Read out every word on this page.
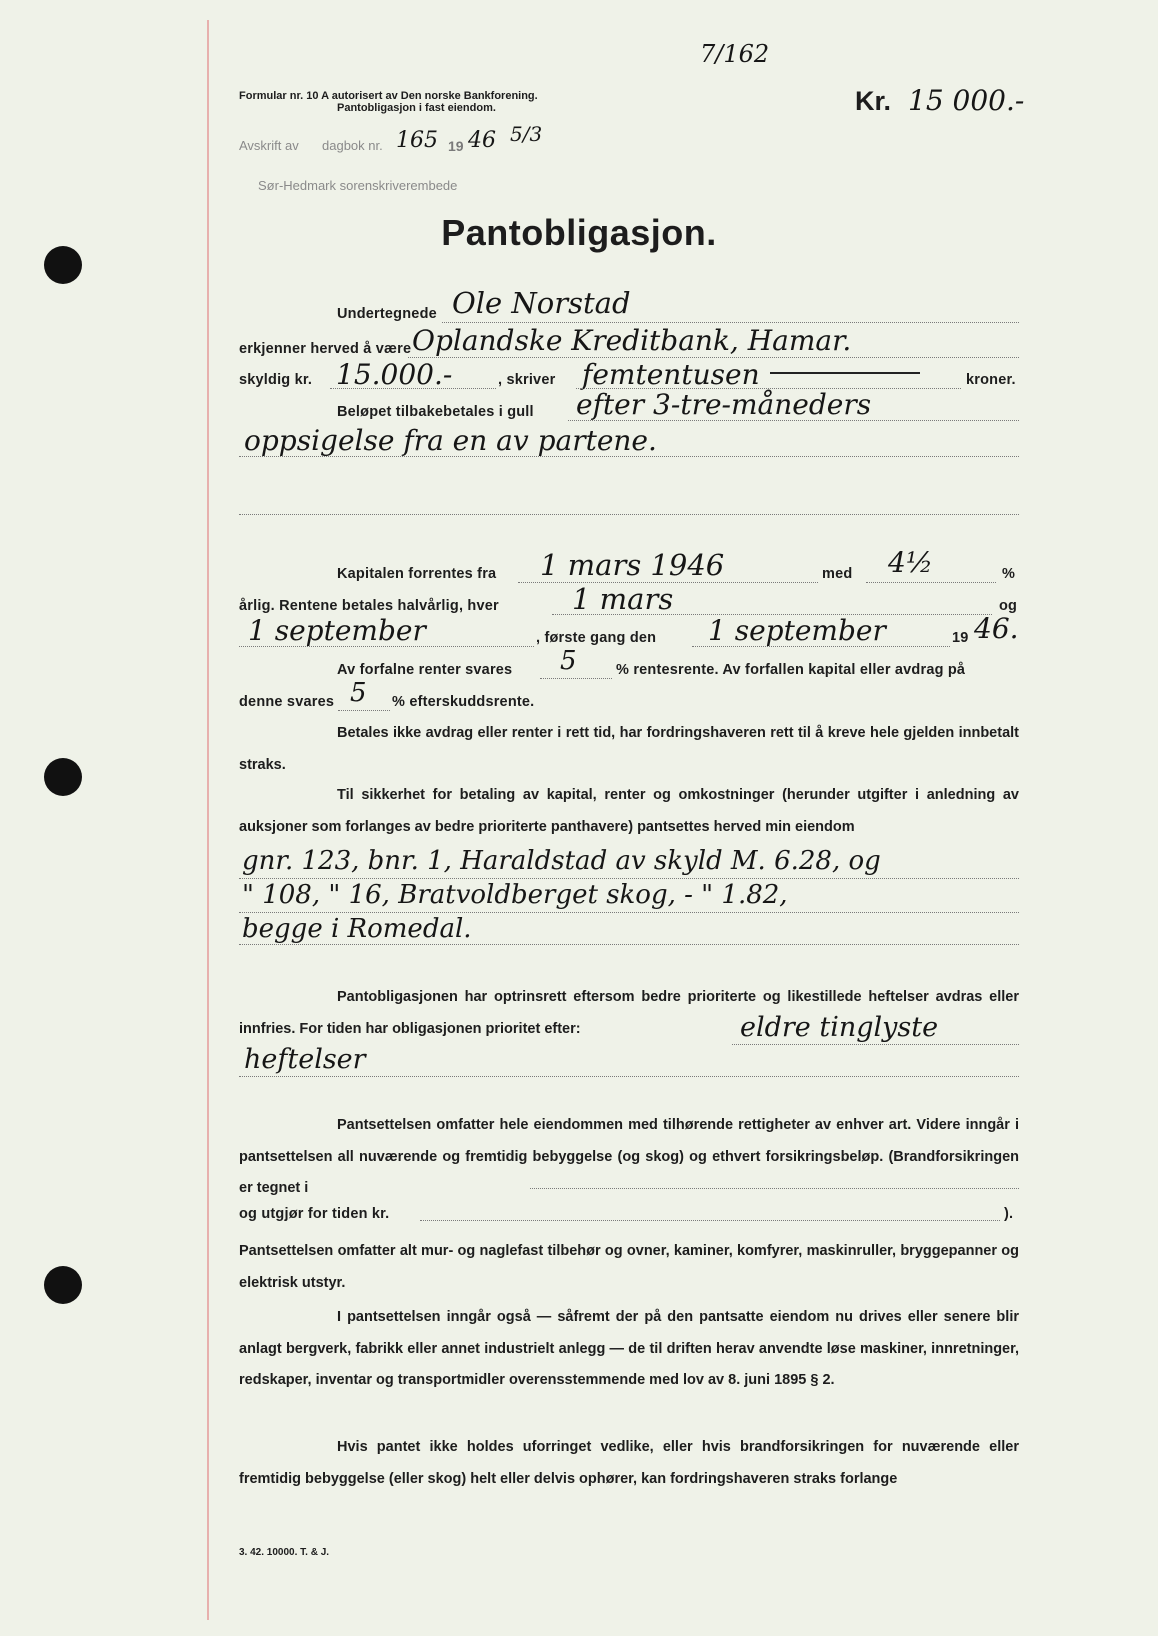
Formular nr. 10 A autorisert av Den norske Bankforening.
Pantobligasjon i fast eiendom.
7/162
Kr. 15 000.-
Avskrift av dagbok nr. 165 19 46 5/3
Sør-Hedmark sorenskriverembede
Pantobligasjon.
Undertegnede Ole Norstad
erkjenner herved å være Oplandske Kreditbank, Hamar.
skyldig kr. 15.000.-	, skriver femtentusen	kroner.
Beløpet tilbakebetales i gull efter 3-tre-måneders
oppsigelse fra en av partene.
Kapitalen forrentes fra 1 mars 1946	med 4½	%
årlig. Rentene betales halvårlig, hver	1 mars	og
1 september	, første gang den 1 september	19 46.
Av forfalne renter svares 5	% rentesrente. Av forfallen kapital eller avdrag på
denne svares 5 % efterskuddsrente.
Betales ikke avdrag eller renter i rett tid, har fordringshaveren rett til å kreve hele gjelden innbetalt straks.
Til sikkerhet for betaling av kapital, renter og omkostninger (herunder utgifter i anledning av auksjoner som forlanges av bedre prioriterte panthavere) pantsettes herved min eiendom
gnr. 123, bnr. 1, Haraldstad av skyld M. 6.28, og
" 108, " 16, Bratvoldberget skog, - " 1.82,
begge i Romedal.
Pantobligasjonen har optrinsrett eftersom bedre prioriterte og likestillede heftelser avdras eller innfries. For tiden har obligasjonen prioritet efter:	eldre tinglyste
heftelser
Pantsettelsen omfatter hele eiendommen med tilhørende rettigheter av enhver art. Videre inngår i pantsettelsen all nuværende og fremtidig bebyggelse (og skog) og ethvert forsikringsbeløp. (Brandforsikringen er tegnet i
og utgjør for tiden kr.	).
Pantsettelsen omfatter alt mur- og naglefast tilbehør og ovner, kaminer, komfyrer, maskinruller, bryggepanner og elektrisk utstyr.
I pantsettelsen inngår også — såfremt der på den pantsatte eiendom nu drives eller senere blir anlagt bergverk, fabrikk eller annet industrielt anlegg — de til driften herav anvendte løse maskiner, innretninger, redskaper, inventar og transportmidler overensstemmende med lov av 8. juni 1895 § 2.
Hvis pantet ikke holdes uforringet vedlike, eller hvis brandforsikringen for nuværende eller fremtidig bebyggelse (eller skog) helt eller delvis ophører, kan fordringshaveren straks forlange
3. 42. 10000. T. & J.
